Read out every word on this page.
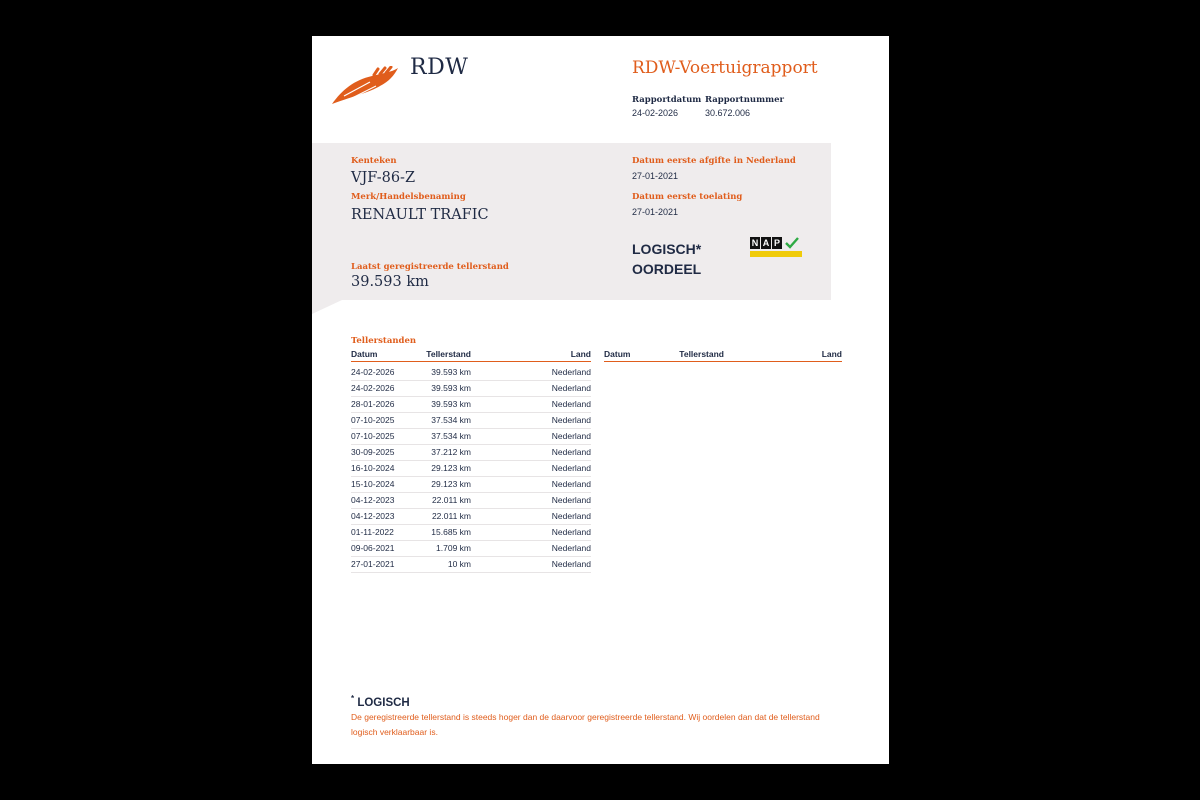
RDW	RDW-Voertuigrapport
Rapportdatum
24-02-2026
Rapportnummer
30.672.006
Kenteken
VJF-86-Z
Merk/Handelsbenaming
RENAULT TRAFIC
Laatst geregistreerde tellerstand
39.593 km
Datum eerste afgifte in Nederland
27-01-2021
Datum eerste toelating
27-01-2021
LOGISCH*
OORDEEL
N A P
Tellerstanden
Datum	Tellerstand	Land
24-02-2026	39.593 km	Nederland
24-02-2026	39.593 km	Nederland
28-01-2026	39.593 km	Nederland
07-10-2025	37.534 km	Nederland
07-10-2025	37.534 km	Nederland
30-09-2025	37.212 km	Nederland
16-10-2024	29.123 km	Nederland
15-10-2024	29.123 km	Nederland
04-12-2023	22.011 km	Nederland
04-12-2023	22.011 km	Nederland
01-11-2022	15.685 km	Nederland
09-06-2021	1.709 km	Nederland
27-01-2021	10 km	Nederland
Datum	Tellerstand	Land
* LOGISCH
De geregistreerde tellerstand is steeds hoger dan de daarvoor geregistreerde tellerstand. Wij oordelen dan dat de tellerstand logisch verklaarbaar is.
